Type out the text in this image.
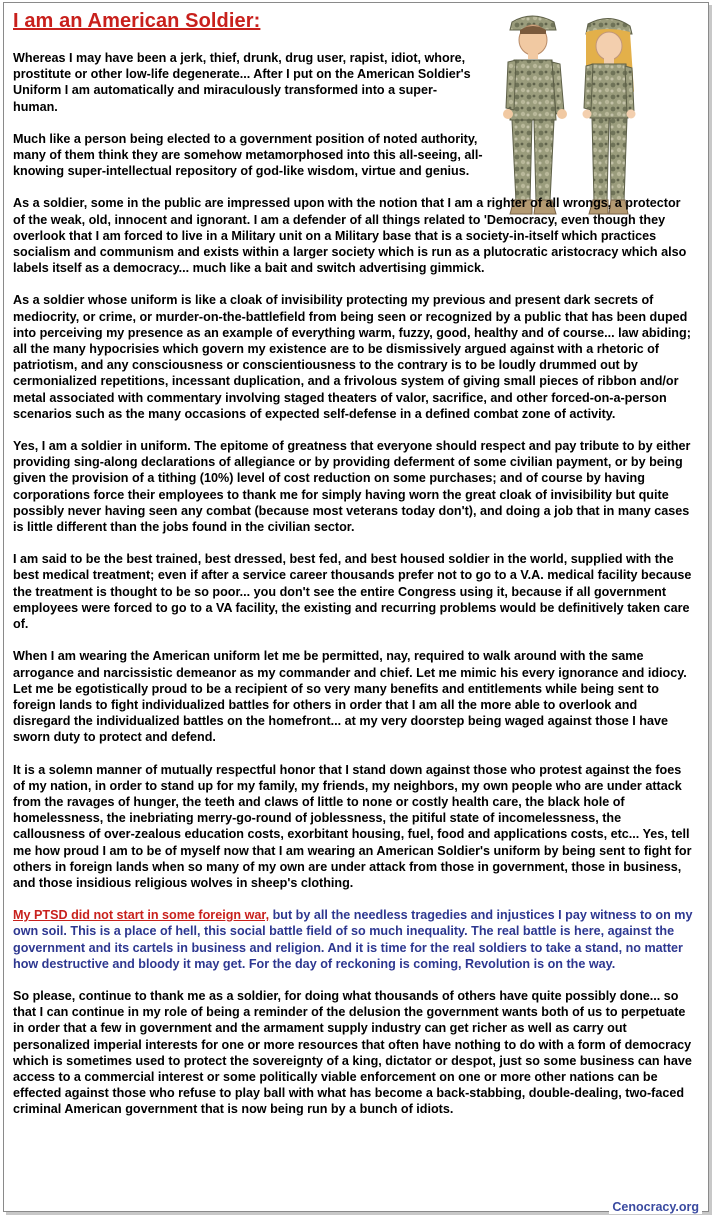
I am an American Soldier:

Whereas I may have been a jerk, thief, drunk, drug user, rapist, idiot, whore, prostitute or other low-life degenerate... After I put on the American Soldier's Uniform I am automatically and miraculously transformed into a super-human.

Much like a person being elected to a government position of noted authority, many of them think they are somehow metamorphosed into this all-seeing, all-knowing super-intellectual repository of god-like wisdom, virtue and genius.

As a soldier, some in the public are impressed upon with the notion that I am a righter of all wrongs, a protector of the weak, old, innocent and ignorant. I am a defender of all things related to 'Democracy, even though they overlook that I am forced to live in a Military unit on a Military base that is a society-in-itself which practices socialism and communism and exists within a larger society which is run as a plutocratic aristocracy which also labels itself as a democracy... much like a bait and switch advertising gimmick.

As a soldier whose uniform is like a cloak of invisibility protecting my previous and present dark secrets of mediocrity, or crime, or murder-on-the-battlefield from being seen or recognized by a public that has been duped into perceiving my presence as an example of everything warm, fuzzy, good, healthy and of course... law abiding; all the many hypocrisies which govern my existence are to be dismissively argued against with a rhetoric of patriotism, and any consciousness or conscientiousness to the contrary is to be loudly drummed out by cermonialized repetitions, incessant duplication, and a frivolous system of giving small pieces of ribbon and/or metal associated with commentary involving staged theaters of valor, sacrifice, and other forced-on-a-person scenarios such as the many occasions of expected self-defense in a defined combat zone of activity.

Yes, I am a soldier in uniform. The epitome of greatness that everyone should respect and pay tribute to by either providing sing-along declarations of allegiance or by providing deferment of some civilian payment, or by being given the provision of a tithing (10%) level of cost reduction on some purchases; and of course by having corporations force their employees to thank me for simply having worn the great cloak of invisibility but quite possibly never having seen any combat (because most veterans today don't), and doing a job that in many cases is little different than the jobs found in the civilian sector.

I am said to be the best trained, best dressed, best fed, and best housed soldier in the world, supplied with the best medical treatment; even if after a service career thousands prefer not to go to a V.A. medical facility because the treatment is thought to be so poor... you don't see the entire Congress using it, because if all government employees were forced to go to a VA facility, the existing and recurring problems would be definitively taken care of.

When I am wearing the American uniform let me be permitted, nay, required to walk around with the same arrogance and narcissistic demeanor as my commander and chief. Let me mimic his every ignorance and idiocy. Let me be egotistically proud to be a recipient of so very many benefits and entitlements while being sent to foreign lands to fight individualized battles for others in order that I am all the more able to overlook and disregard the individualized battles on the homefront... at my very doorstep being waged against those I have sworn duty to protect and defend.

It is a solemn manner of mutually respectful honor that I stand down against those who protest against the foes of my nation, in order to stand up for my family, my friends, my neighbors, my own people who are under attack from the ravages of hunger, the teeth and claws of little to none or costly health care, the black hole of homelessness, the inebriating merry-go-round of joblessness, the pitiful state of incomelessness, the callousness of over-zealous education costs, exorbitant housing, fuel, food and applications costs, etc... Yes, tell me how proud I am to be of myself now that I am wearing an American Soldier's uniform by being sent to fight for others in foreign lands when so many of my own are under attack from those in government, those in business, and those insidious religious wolves in sheep's clothing.

My PTSD did not start in some foreign war, but by all the needless tragedies and injustices I pay witness to on my own soil. This is a place of hell, this social battle field of so much inequality. The real battle is here, against the government and its cartels in business and religion. And it is time for the real soldiers to take a stand, no matter how destructive and bloody it may get. For the day of reckoning is coming, Revolution is on the way.

So please, continue to thank me as a soldier, for doing what thousands of others have quite possibly done... so that I can continue in my role of being a reminder of the delusion the government wants both of us to perpetuate in order that a few in government and the armament supply industry can get richer as well as carry out personalized imperial interests for one or more resources that often have nothing to do with a form of democracy which is sometimes used to protect the sovereignty of a king, dictator or despot, just so some business can have access to a commercial interest or some politically viable enforcement on one or more other nations can be effected against those who refuse to play ball with what has become a back-stabbing, double-dealing, two-faced criminal American government that is now being run by a bunch of idiots.

Cenocracy.org
